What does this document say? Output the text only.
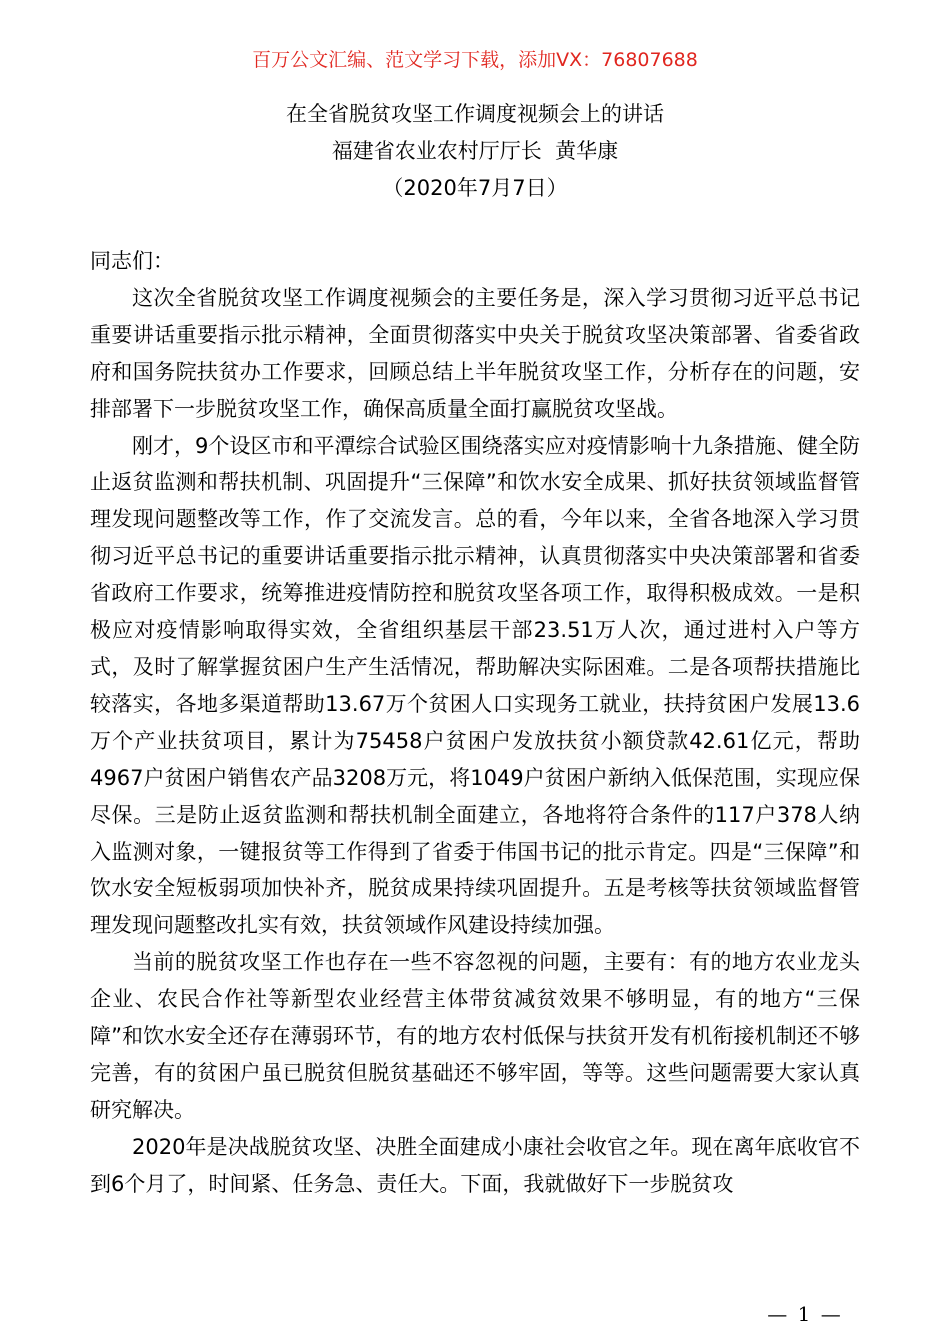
百万公文汇编、范文学习下载，添加VX：76807688
在全省脱贫攻坚工作调度视频会上的讲话
福建省农业农村厅厅长  黄华康
（2020年7月7日）

同志们：

这次全省脱贫攻坚工作调度视频会的主要任务是，深入学习贯彻习近平总书记重要讲话重要指示批示精神，全面贯彻落实中央关于脱贫攻坚决策部署、省委省政府和国务院扶贫办工作要求，回顾总结上半年脱贫攻坚工作，分析存在的问题，安排部署下一步脱贫攻坚工作，确保高质量全面打赢脱贫攻坚战。

刚才，9个设区市和平潭综合试验区围绕落实应对疫情影响十九条措施、健全防止返贫监测和帮扶机制、巩固提升“三保障”和饮水安全成果、抓好扶贫领域监督管理发现问题整改等工作，作了交流发言。总的看，今年以来，全省各地深入学习贯彻习近平总书记的重要讲话重要指示批示精神，认真贯彻落实中央决策部署和省委省政府工作要求，统筹推进疫情防控和脱贫攻坚各项工作，取得积极成效。一是积极应对疫情影响取得实效，全省组织基层干部23.51万人次，通过进村入户等方式，及时了解掌握贫困户生产生活情况，帮助解决实际困难。二是各项帮扶措施比较落实，各地多渠道帮助13.67万个贫困人口实现务工就业，扶持贫困户发展13.6万个产业扶贫项目，累计为75458户贫困户发放扶贫小额贷款42.61亿元，帮助4967户贫困户销售农产品3208万元，将1049户贫困户新纳入低保范围，实现应保尽保。三是防止返贫监测和帮扶机制全面建立，各地将符合条件的117户378人纳入监测对象，一键报贫等工作得到了省委于伟国书记的批示肯定。四是“三保障”和饮水安全短板弱项加快补齐，脱贫成果持续巩固提升。五是考核等扶贫领域监督管理发现问题整改扎实有效，扶贫领域作风建设持续加强。

当前的脱贫攻坚工作也存在一些不容忽视的问题，主要有：有的地方农业龙头企业、农民合作社等新型农业经营主体带贫减贫效果不够明显，有的地方“三保障”和饮水安全还存在薄弱环节，有的地方农村低保与扶贫开发有机衔接机制还不够完善，有的贫困户虽已脱贫但脱贫基础还不够牢固，等等。这些问题需要大家认真研究解决。

2020年是决战脱贫攻坚、决胜全面建成小康社会收官之年。现在离年底收官不到6个月了，时间紧、任务急、责任大。下面，我就做好下一步脱贫攻

— 1 —
